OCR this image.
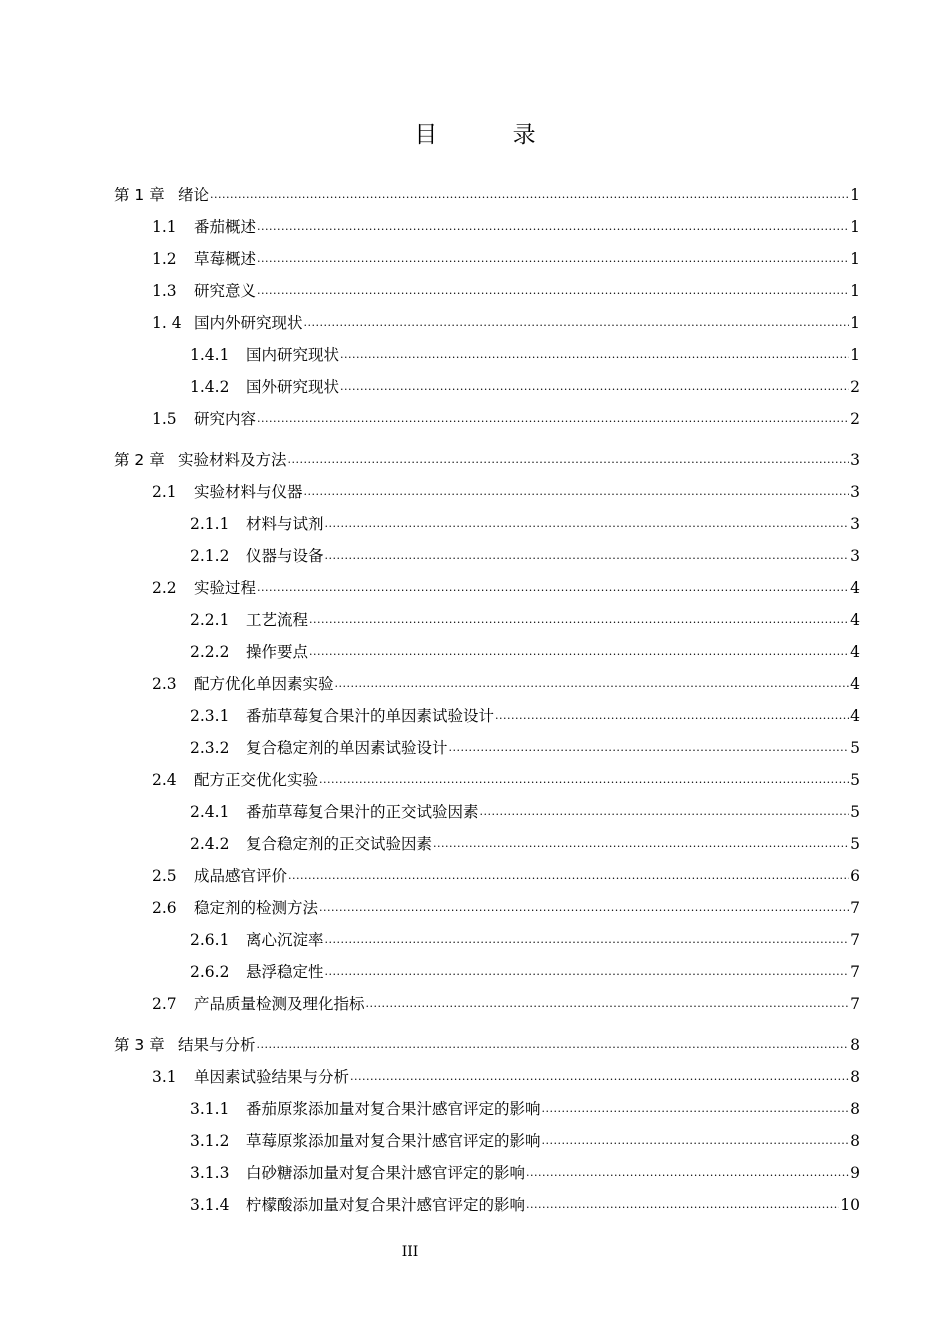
目 录
第 1 章 绪论 .....	1
1.1	番茄概述 .....	1
1.2	草莓概述 .....	1
1.3	研究意义 .....	1
1. 4 国内外研究现状 .....	1
1.4.1	国内研究现状 .....	1
1.4.2	国外研究现状 .....	2
1.5	研究内容 .....	2
第 2 章 实验材料及方法 .....	3
2.1	实验材料与仪器 .....	3
2.1.1	材料与试剂 .....	3
2.1.2	仪器与设备 .....	3
2.2	实验过程 .....	4
2.2.1	工艺流程 .....	4
2.2.2	操作要点 .....	4
2.3	配方优化单因素实验 .....	4
2.3.1	番茄草莓复合果汁的单因素试验设计 .....	4
2.3.2	复合稳定剂的单因素试验设计 .....	5
2.4	配方正交优化实验 .....	5
2.4.1	番茄草莓复合果汁的正交试验因素 .....	5
2.4.2	复合稳定剂的正交试验因素 .....	5
2.5	成品感官评价 .....	6
2.6	稳定剂的检测方法 .....	7
2.6.1	离心沉淀率 .....	7
2.6.2	悬浮稳定性 .....	7
2.7	产品质量检测及理化指标 .....	7
第 3 章 结果与分析 .....	8
3.1	单因素试验结果与分析 .....	8
3.1.1	番茄原浆添加量对复合果汁感官评定的影响 .....	8
3.1.2	草莓原浆添加量对复合果汁感官评定的影响 .....	8
3.1.3	白砂糖添加量对复合果汁感官评定的影响 .....	9
3.1.4	柠檬酸添加量对复合果汁感官评定的影响 .....	10
III
